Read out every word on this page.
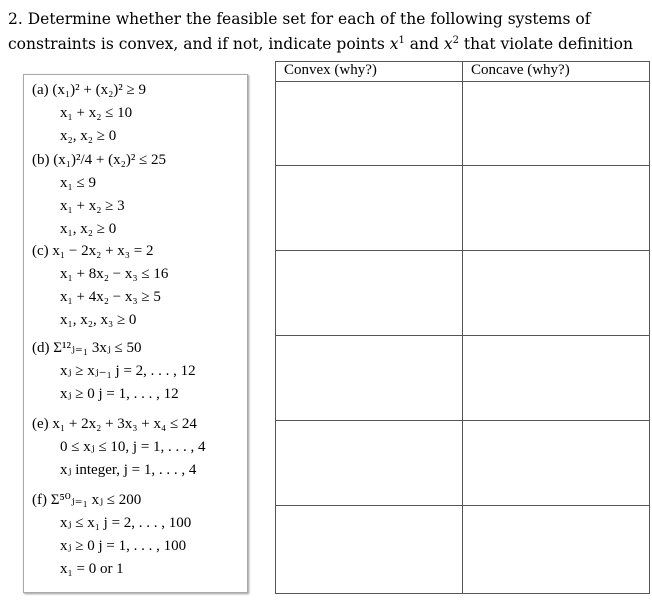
2. Determine whether the feasible set for each of the following systems of constraints is convex, and if not, indicate points $x^1$ and $x^2$ that violate definition
(a) (x₁)² + (x₂)² ≥ 9
x₁ + x₂ ≤ 10
x₂, x₂ ≥ 0
(b) (x₁)²/4 + (x₂)² ≤ 25
x₁ ≤ 9
x₁ + x₂ ≥ 3
x₁, x₂ ≥ 0
(c) x₁ − 2x₂ + x₃ = 2
x₁ + 8x₂ − x₃ ≤ 16
x₁ + 4x₂ − x₃ ≥ 5
x₁, x₂, x₃ ≥ 0
(d) Σ¹²ⱼ₌₁ 3xⱼ ≤ 50
xⱼ ≥ xⱼ₋₁ j = 2, . . . , 12
xⱼ ≥ 0 j = 1, . . . , 12
(e) x₁ + 2x₂ + 3x₃ + x₄ ≤ 24
0 ≤ xⱼ ≤ 10, j = 1, . . . , 4
xⱼ integer, j = 1, . . . , 4
(f) Σ⁵⁰ⱼ₌₁ xⱼ ≤ 200
xⱼ ≤ x₁ j = 2, . . . , 100
xⱼ ≥ 0 j = 1, . . . , 100
x₁ = 0 or 1
Convex (why?)	Concave (why?)
